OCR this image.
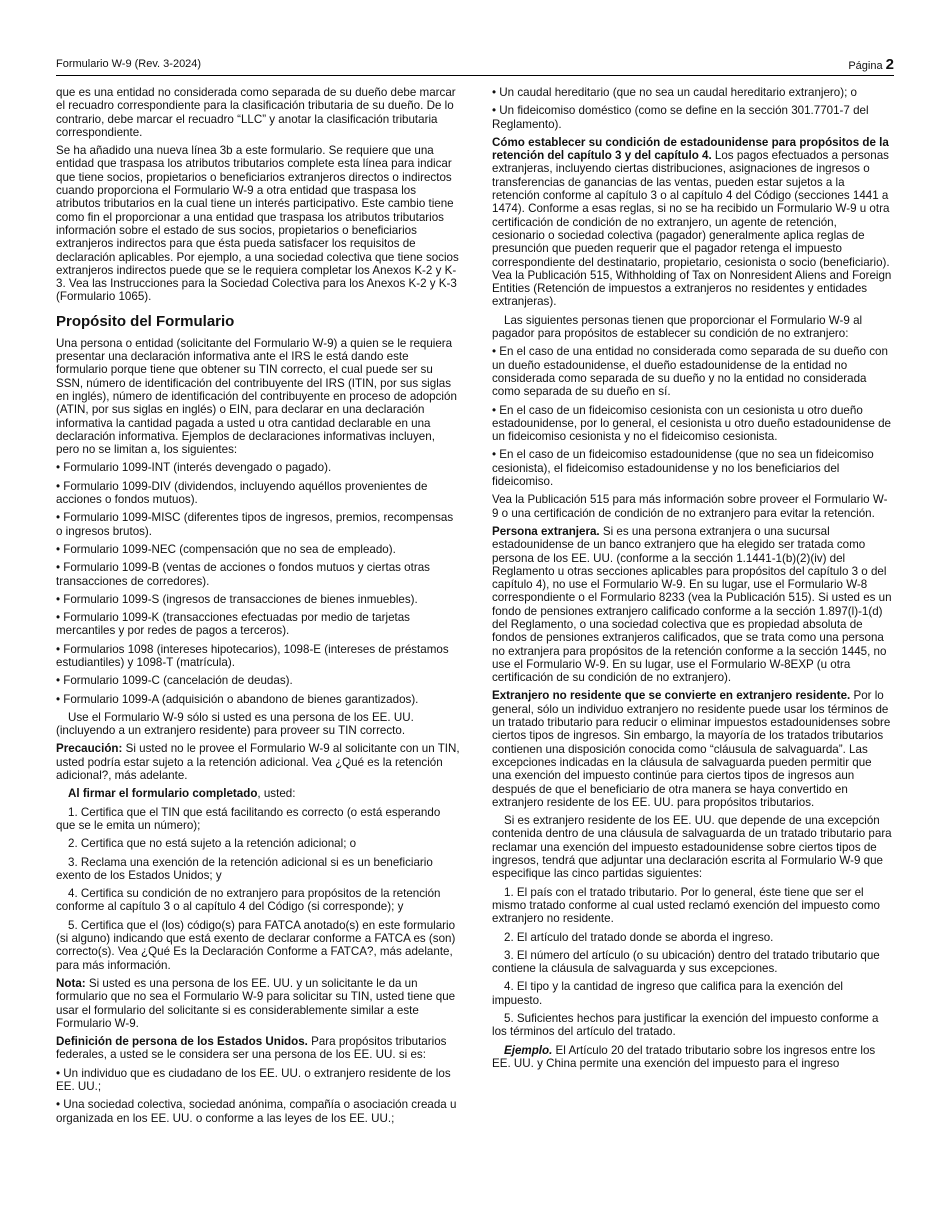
Formulario W-9 (Rev. 3-2024)	Página 2

que es una entidad no considerada como separada de su dueño debe marcar el recuadro correspondiente para la clasificación tributaria de su dueño. De lo contrario, debe marcar el recuadro “LLC” y anotar la clasificación tributaria correspondiente.

Se ha añadido una nueva línea 3b a este formulario. Se requiere que una entidad que traspasa los atributos tributarios complete esta línea para indicar que tiene socios, propietarios o beneficiarios extranjeros directos o indirectos cuando proporciona el Formulario W-9 a otra entidad que traspasa los atributos tributarios en la cual tiene un interés participativo. Este cambio tiene como fin el proporcionar a una entidad que traspasa los atributos tributarios información sobre el estado de sus socios, propietarios o beneficiarios extranjeros indirectos para que ésta pueda satisfacer los requisitos de declaración aplicables. Por ejemplo, a una sociedad colectiva que tiene socios extranjeros indirectos puede que se le requiera completar los Anexos K-2 y K-3. Vea las Instrucciones para la Sociedad Colectiva para los Anexos K-2 y K-3 (Formulario 1065).

Propósito del Formulario

Una persona o entidad (solicitante del Formulario W-9) a quien se le requiera presentar una declaración informativa ante el IRS le está dando este formulario porque tiene que obtener su TIN correcto, el cual puede ser su SSN, número de identificación del contribuyente del IRS (ITIN, por sus siglas en inglés), número de identificación del contribuyente en proceso de adopción (ATIN, por sus siglas en inglés) o EIN, para declarar en una declaración informativa la cantidad pagada a usted u otra cantidad declarable en una declaración informativa. Ejemplos de declaraciones informativas incluyen, pero no se limitan a, los siguientes:

• Formulario 1099-INT (interés devengado o pagado).

• Formulario 1099-DIV (dividendos, incluyendo aquéllos provenientes de acciones o fondos mutuos).

• Formulario 1099-MISC (diferentes tipos de ingresos, premios, recompensas o ingresos brutos).

• Formulario 1099-NEC (compensación que no sea de empleado).

• Formulario 1099-B (ventas de acciones o fondos mutuos y ciertas otras transacciones de corredores).

• Formulario 1099-S (ingresos de transacciones de bienes inmuebles).

• Formulario 1099-K (transacciones efectuadas por medio de tarjetas mercantiles y por redes de pagos a terceros).

• Formularios 1098 (intereses hipotecarios), 1098-E (intereses de préstamos estudiantiles) y 1098-T (matrícula).

• Formulario 1099-C (cancelación de deudas).

• Formulario 1099-A (adquisición o abandono de bienes garantizados).

Use el Formulario W-9 sólo si usted es una persona de los EE. UU. (incluyendo a un extranjero residente) para proveer su TIN correcto.

Precaución: Si usted no le provee el Formulario W-9 al solicitante con un TIN, usted podría estar sujeto a la retención adicional. Vea ¿Qué es la retención adicional?, más adelante.

Al firmar el formulario completado, usted:

1. Certifica que el TIN que está facilitando es correcto (o está esperando que se le emita un número);

2. Certifica que no está sujeto a la retención adicional; o

3. Reclama una exención de la retención adicional si es un beneficiario exento de los Estados Unidos; y

4. Certifica su condición de no extranjero para propósitos de la retención conforme al capítulo 3 o al capítulo 4 del Código (si corresponde); y

5. Certifica que el (los) código(s) para FATCA anotado(s) en este formulario (si alguno) indicando que está exento de declarar conforme a FATCA es (son) correcto(s). Vea ¿Qué Es la Declaración Conforme a FATCA?, más adelante, para más información.

Nota: Si usted es una persona de los EE. UU. y un solicitante le da un formulario que no sea el Formulario W-9 para solicitar su TIN, usted tiene que usar el formulario del solicitante si es considerablemente similar a este Formulario W-9.

Definición de persona de los Estados Unidos. Para propósitos tributarios federales, a usted se le considera ser una persona de los EE. UU. si es:

• Un individuo que es ciudadano de los EE. UU. o extranjero residente de los EE. UU.;

• Una sociedad colectiva, sociedad anónima, compañía o asociación creada u organizada en los EE. UU. o conforme a las leyes de los EE. UU.;

• Un caudal hereditario (que no sea un caudal hereditario extranjero); o

• Un fideicomiso doméstico (como se define en la sección 301.7701-7 del Reglamento).

Cómo establecer su condición de estadounidense para propósitos de la retención del capítulo 3 y del capítulo 4. Los pagos efectuados a personas extranjeras, incluyendo ciertas distribuciones, asignaciones de ingresos o transferencias de ganancias de las ventas, pueden estar sujetos a la retención conforme al capítulo 3 o al capítulo 4 del Código (secciones 1441 a 1474). Conforme a esas reglas, si no se ha recibido un Formulario W-9 u otra certificación de condición de no extranjero, un agente de retención, cesionario o sociedad colectiva (pagador) generalmente aplica reglas de presunción que pueden requerir que el pagador retenga el impuesto correspondiente del destinatario, propietario, cesionista o socio (beneficiario). Vea la Publicación 515, Withholding of Tax on Nonresident Aliens and Foreign Entities (Retención de impuestos a extranjeros no residentes y entidades extranjeras).

Las siguientes personas tienen que proporcionar el Formulario W-9 al pagador para propósitos de establecer su condición de no extranjero:

• En el caso de una entidad no considerada como separada de su dueño con un dueño estadounidense, el dueño estadounidense de la entidad no considerada como separada de su dueño y no la entidad no considerada como separada de su dueño en sí.

• En el caso de un fideicomiso cesionista con un cesionista u otro dueño estadounidense, por lo general, el cesionista u otro dueño estadounidense de un fideicomiso cesionista y no el fideicomiso cesionista.

• En el caso de un fideicomiso estadounidense (que no sea un fideicomiso cesionista), el fideicomiso estadounidense y no los beneficiarios del fideicomiso.

Vea la Publicación 515 para más información sobre proveer el Formulario W-9 o una certificación de condición de no extranjero para evitar la retención.

Persona extranjera. Si es una persona extranjera o una sucursal estadounidense de un banco extranjero que ha elegido ser tratada como persona de los EE. UU. (conforme a la sección 1.1441-1(b)(2)(iv) del Reglamento u otras secciones aplicables para propósitos del capítulo 3 o del capítulo 4), no use el Formulario W-9. En su lugar, use el Formulario W-8 correspondiente o el Formulario 8233 (vea la Publicación 515). Si usted es un fondo de pensiones extranjero calificado conforme a la sección 1.897(l)-1(d) del Reglamento, o una sociedad colectiva que es propiedad absoluta de fondos de pensiones extranjeros calificados, que se trata como una persona no extranjera para propósitos de la retención conforme a la sección 1445, no use el Formulario W-9. En su lugar, use el Formulario W-8EXP (u otra certificación de su condición de no extranjero).

Extranjero no residente que se convierte en extranjero residente. Por lo general, sólo un individuo extranjero no residente puede usar los términos de un tratado tributario para reducir o eliminar impuestos estadounidenses sobre ciertos tipos de ingresos. Sin embargo, la mayoría de los tratados tributarios contienen una disposición conocida como “cláusula de salvaguarda”. Las excepciones indicadas en la cláusula de salvaguarda pueden permitir que una exención del impuesto continúe para ciertos tipos de ingresos aun después de que el beneficiario de otra manera se haya convertido en extranjero residente de los EE. UU. para propósitos tributarios.

Si es extranjero residente de los EE. UU. que depende de una excepción contenida dentro de una cláusula de salvaguarda de un tratado tributario para reclamar una exención del impuesto estadounidense sobre ciertos tipos de ingresos, tendrá que adjuntar una declaración escrita al Formulario W-9 que especifique las cinco partidas siguientes:

1. El país con el tratado tributario. Por lo general, éste tiene que ser el mismo tratado conforme al cual usted reclamó exención del impuesto como extranjero no residente.

2. El artículo del tratado donde se aborda el ingreso.

3. El número del artículo (o su ubicación) dentro del tratado tributario que contiene la cláusula de salvaguarda y sus excepciones.

4. El tipo y la cantidad de ingreso que califica para la exención del impuesto.

5. Suficientes hechos para justificar la exención del impuesto conforme a los términos del artículo del tratado.

Ejemplo. El Artículo 20 del tratado tributario sobre los ingresos entre los EE. UU. y China permite una exención del impuesto para el ingreso
